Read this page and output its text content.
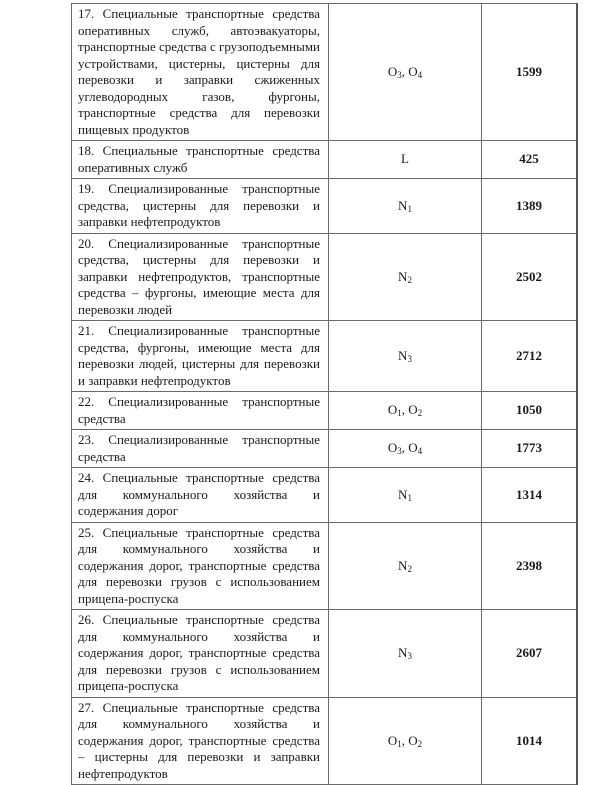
17. Специальные транспортные средства оперативных служб, автоэвакуаторы, транспортные средства с грузоподъемными устройствами, цистерны, цистерны для перевозки и заправки сжиженных углеводородных газов, фургоны, транспортные средства для перевозки пищевых продуктов	$O_3$, $O_4$	1599
18. Специальные транспортные средства оперативных служб	L	425
19. Специализированные транспортные средства, цистерны для перевозки и заправки нефтепродуктов	$N_1$	1389
20. Специализированные транспортные средства, цистерны для перевозки и заправки нефтепродуктов, транспортные средства – фургоны, имеющие места для перевозки людей	$N_2$	2502
21. Специализированные транспортные средства, фургоны, имеющие места для перевозки людей, цистерны для перевозки и заправки нефтепродуктов	$N_3$	2712
22. Специализированные транспортные средства	$O_1$, $O_2$	1050
23. Специализированные транспортные средства	$O_3$, $O_4$	1773
24. Специальные транспортные средства для коммунального хозяйства и содержания дорог	$N_1$	1314
25. Специальные транспортные средства для коммунального хозяйства и содержания дорог, транспортные средства для перевозки грузов с использованием прицепа-роспуска	$N_2$	2398
26. Специальные транспортные средства для коммунального хозяйства и содержания дорог, транспортные средства для перевозки грузов с использованием прицепа-роспуска	$N_3$	2607
27. Специальные транспортные средства для коммунального хозяйства и содержания дорог, транспортные средства – цистерны для перевозки и заправки нефтепродуктов	$O_1$, $O_2$	1014
